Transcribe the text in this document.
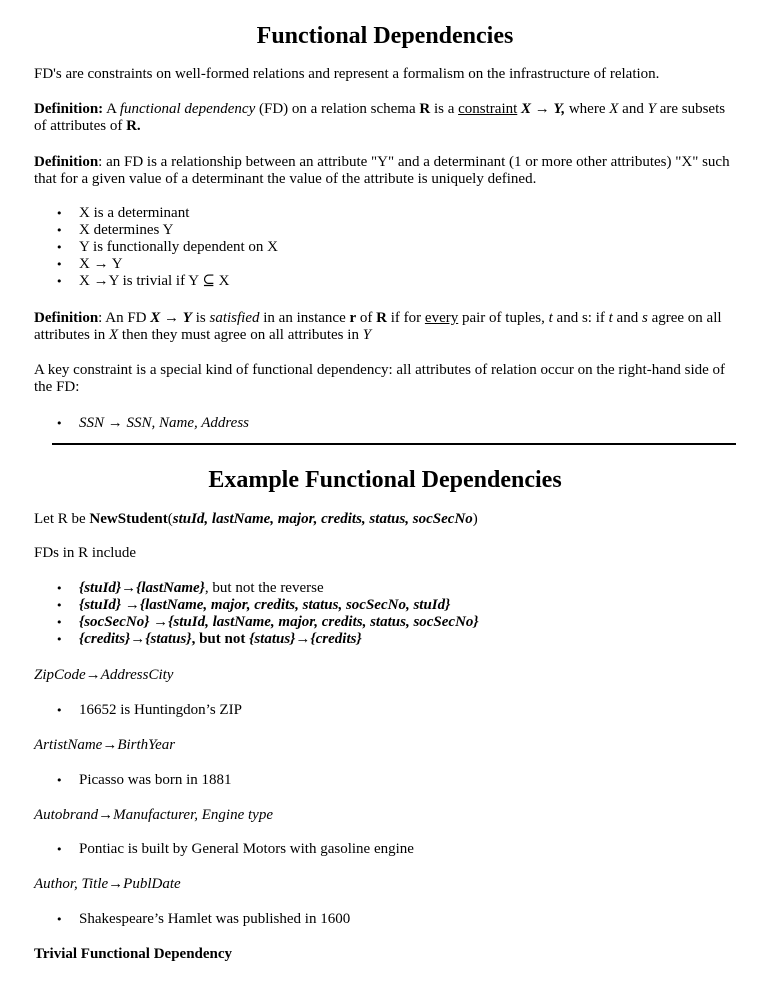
Functional Dependencies

FD's are constraints on well-formed relations and represent a formalism on the infrastructure of relation.

Definition: A functional dependency (FD) on a relation schema R is a constraint X → Y, where X and Y are subsets of attributes of R.

Definition: an FD is a relationship between an attribute "Y" and a determinant (1 or more other attributes) "X" such that for a given value of a determinant the value of the attribute is uniquely defined.

• X is a determinant
• X determines Y
• Y is functionally dependent on X
• X → Y
• X →Y is trivial if Y ⊆ X

Definition: An FD X → Y is satisfied in an instance r of R if for every pair of tuples, t and s: if t and s agree on all attributes in X then they must agree on all attributes in Y

A key constraint is a special kind of functional dependency: all attributes of relation occur on the right-hand side of the FD:

• SSN → SSN, Name, Address
Example Functional Dependencies

Let R be NewStudent(stuId, lastName, major, credits, status, socSecNo)

FDs in R include

• {stuId}→{lastName}, but not the reverse
• {stuId} →{lastName, major, credits, status, socSecNo, stuId}
• {socSecNo} →{stuId, lastName, major, credits, status, socSecNo}
• {credits}→{status}, but not {status}→{credits}

ZipCode→AddressCity

• 16652 is Huntingdon’s ZIP

ArtistName→BirthYear

• Picasso was born in 1881

Autobrand→Manufacturer, Engine type

• Pontiac is built by General Motors with gasoline engine

Author, Title→PublDate

• Shakespeare’s Hamlet was published in 1600

Trivial Functional Dependency
